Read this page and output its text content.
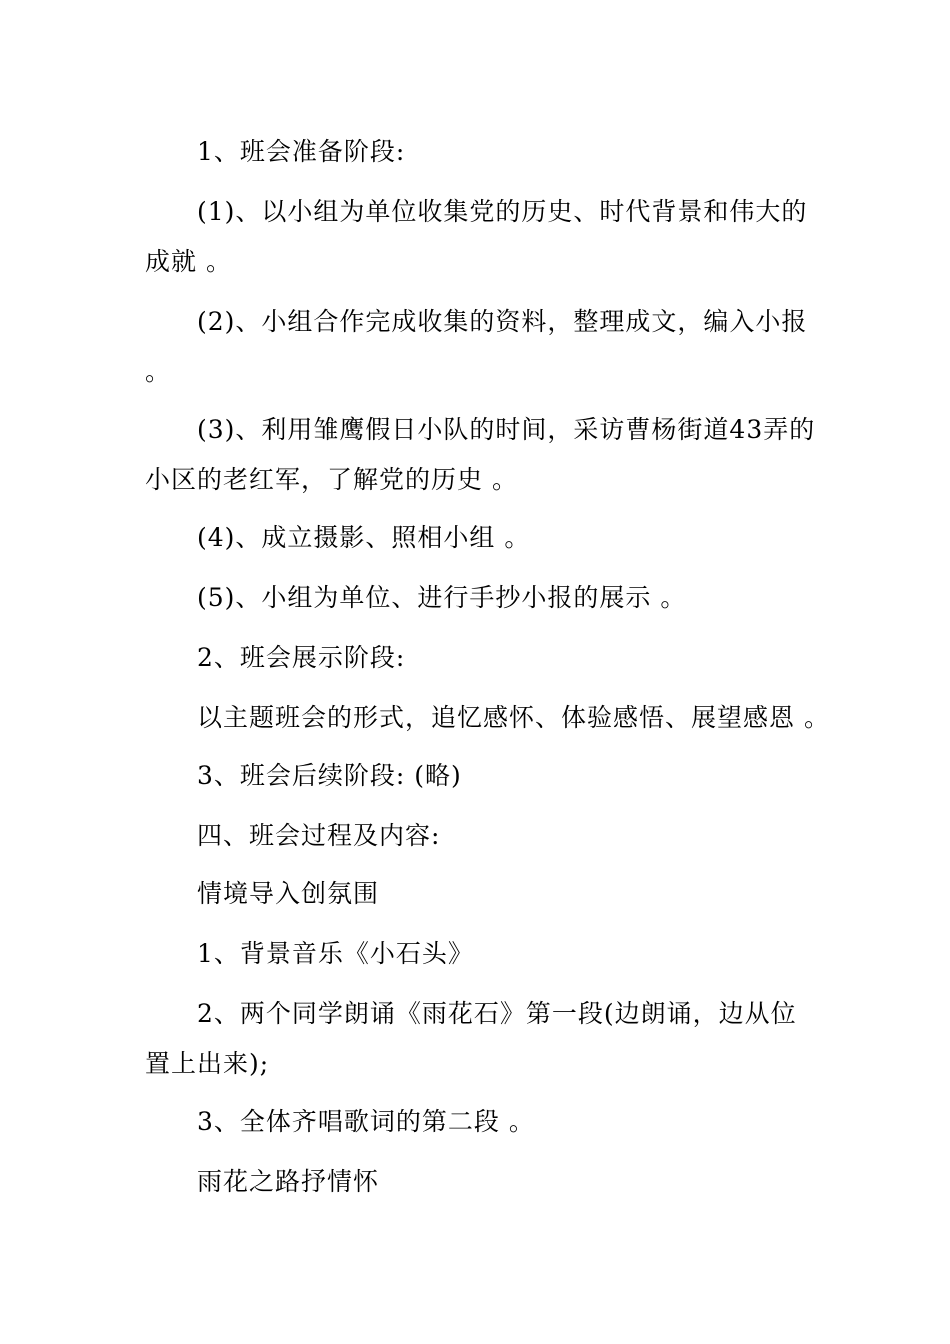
1、班会准备阶段:
(1)、以小组为单位收集党的历史、时代背景和伟大的
成就 。
(2)、小组合作完成收集的资料，整理成文，编入小报
。
(3)、利用雏鹰假日小队的时间，采访曹杨街道43弄的
小区的老红军，了解党的历史 。
(4)、成立摄影、照相小组 。
(5)、小组为单位、进行手抄小报的展示 。
2、班会展示阶段:
以主题班会的形式，追忆感怀、体验感悟、展望感恩 。
3、班会后续阶段: (略)
四、班会过程及内容:
情境导入创氛围
1、背景音乐《小石头》
2、两个同学朗诵《雨花石》第一段(边朗诵，边从位
置上出来);
3、全体齐唱歌词的第二段 。
雨花之路抒情怀
